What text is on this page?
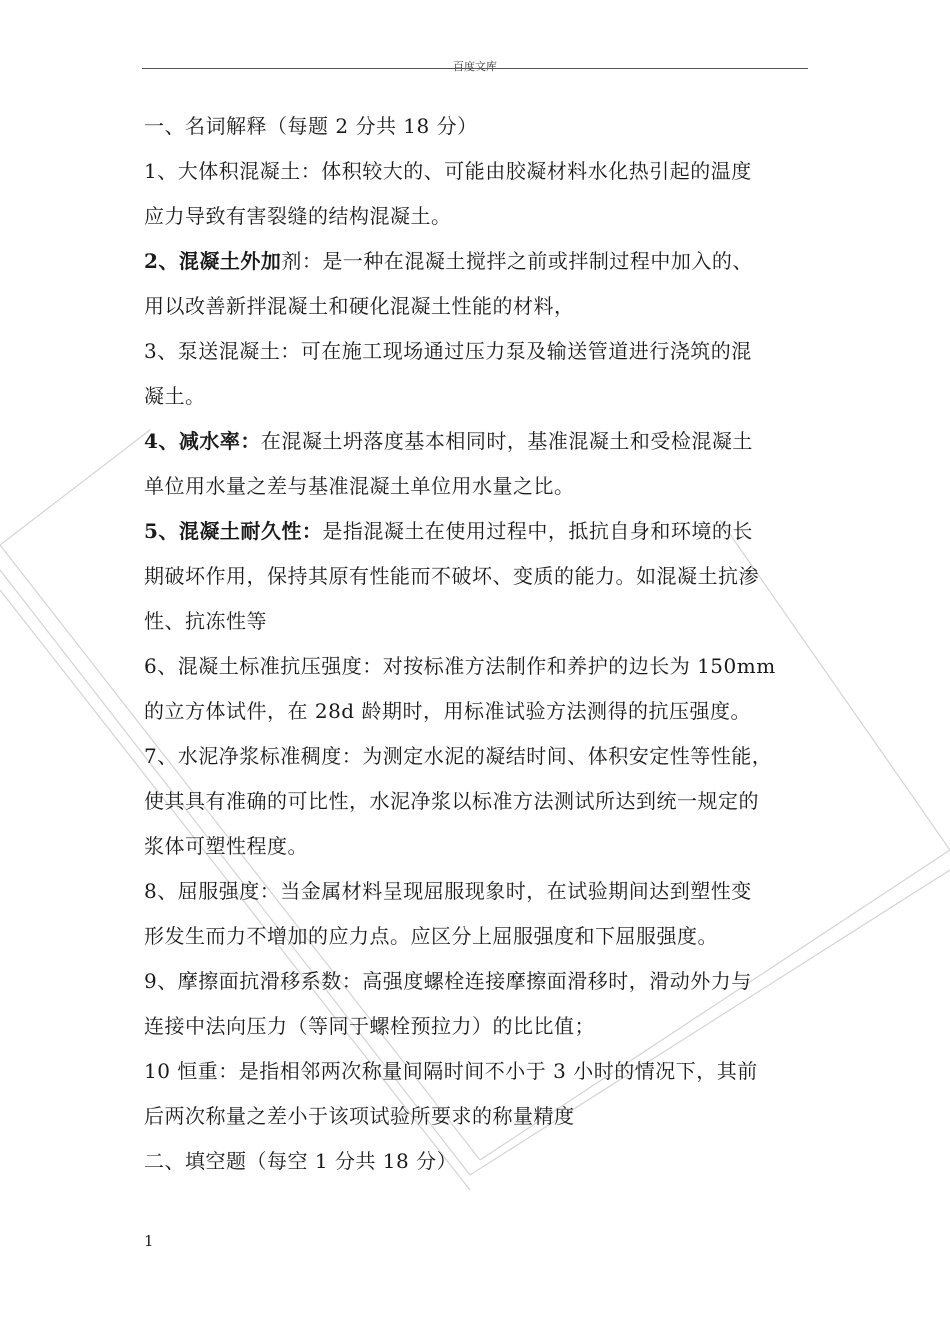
百度文库
一、名词解释（每题 2 分共 18 分）
1、大体积混凝土：体积较大的、可能由胶凝材料水化热引起的温度
应力导致有害裂缝的结构混凝土。
2、混凝土外加剂：是一种在混凝土搅拌之前或拌制过程中加入的、
用以改善新拌混凝土和硬化混凝土性能的材料，
3、泵送混凝土：可在施工现场通过压力泵及输送管道进行浇筑的混
凝土。
4、减水率：在混凝土坍落度基本相同时，基准混凝土和受检混凝土
单位用水量之差与基准混凝土单位用水量之比。
5、混凝土耐久性：是指混凝土在使用过程中，抵抗自身和环境的长
期破坏作用，保持其原有性能而不破坏、变质的能力。如混凝土抗渗
性、抗冻性等
6、混凝土标准抗压强度：对按标准方法制作和养护的边长为 150mm
的立方体试件，在 28d 龄期时，用标准试验方法测得的抗压强度。
7、水泥净浆标准稠度：为测定水泥的凝结时间、体积安定性等性能，
使其具有准确的可比性，水泥净浆以标准方法测试所达到统一规定的
浆体可塑性程度。
8、屈服强度：当金属材料呈现屈服现象时，在试验期间达到塑性变
形发生而力不增加的应力点。应区分上屈服强度和下屈服强度。
9、摩擦面抗滑移系数：高强度螺栓连接摩擦面滑移时，滑动外力与
连接中法向压力（等同于螺栓预拉力）的比比值；
10 恒重：是指相邻两次称量间隔时间不小于 3 小时的情况下，其前
后两次称量之差小于该项试验所要求的称量精度
二、填空题（每空 1 分共 18 分）
1
